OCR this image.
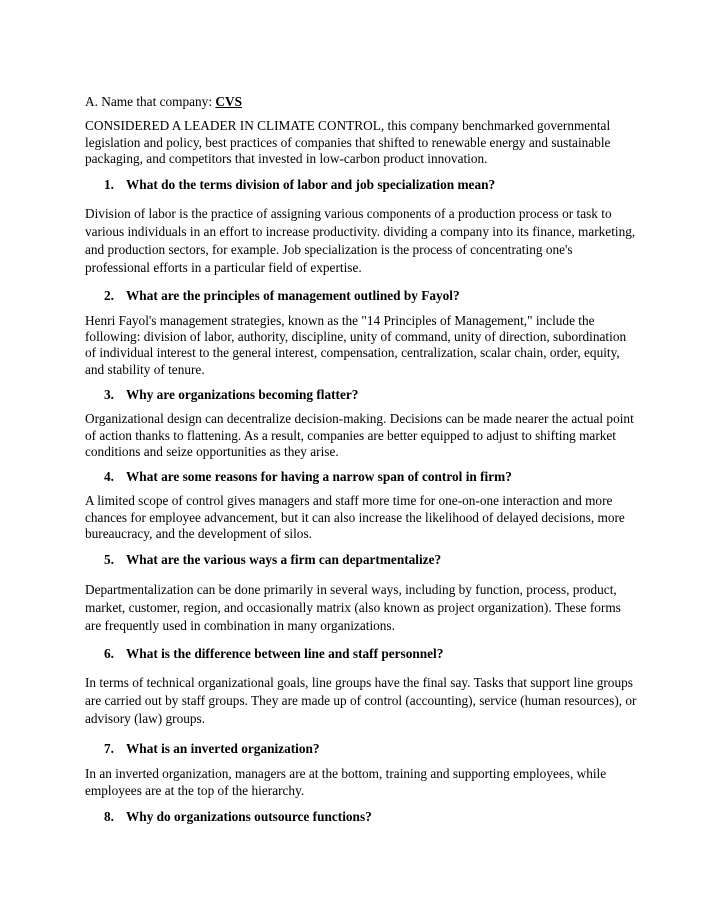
A. Name that company: CVS

CONSIDERED A LEADER IN CLIMATE CONTROL, this company benchmarked governmental legislation and policy, best practices of companies that shifted to renewable energy and sustainable packaging, and competitors that invested in low-carbon product innovation.

1. What do the terms division of labor and job specialization mean?

Division of labor is the practice of assigning various components of a production process or task to various individuals in an effort to increase productivity. dividing a company into its finance, marketing, and production sectors, for example. Job specialization is the process of concentrating one's professional efforts in a particular field of expertise.

2. What are the principles of management outlined by Fayol?

Henri Fayol's management strategies, known as the "14 Principles of Management," include the following: division of labor, authority, discipline, unity of command, unity of direction, subordination of individual interest to the general interest, compensation, centralization, scalar chain, order, equity, and stability of tenure.

3. Why are organizations becoming flatter?

Organizational design can decentralize decision-making. Decisions can be made nearer the actual point of action thanks to flattening. As a result, companies are better equipped to adjust to shifting market conditions and seize opportunities as they arise.

4. What are some reasons for having a narrow span of control in firm?

A limited scope of control gives managers and staff more time for one-on-one interaction and more chances for employee advancement, but it can also increase the likelihood of delayed decisions, more bureaucracy, and the development of silos.

5. What are the various ways a firm can departmentalize?

Departmentalization can be done primarily in several ways, including by function, process, product, market, customer, region, and occasionally matrix (also known as project organization). These forms are frequently used in combination in many organizations.

6. What is the difference between line and staff personnel?

In terms of technical organizational goals, line groups have the final say. Tasks that support line groups are carried out by staff groups. They are made up of control (accounting), service (human resources), or advisory (law) groups.

7. What is an inverted organization?

In an inverted organization, managers are at the bottom, training and supporting employees, while employees are at the top of the hierarchy.

8. Why do organizations outsource functions?
